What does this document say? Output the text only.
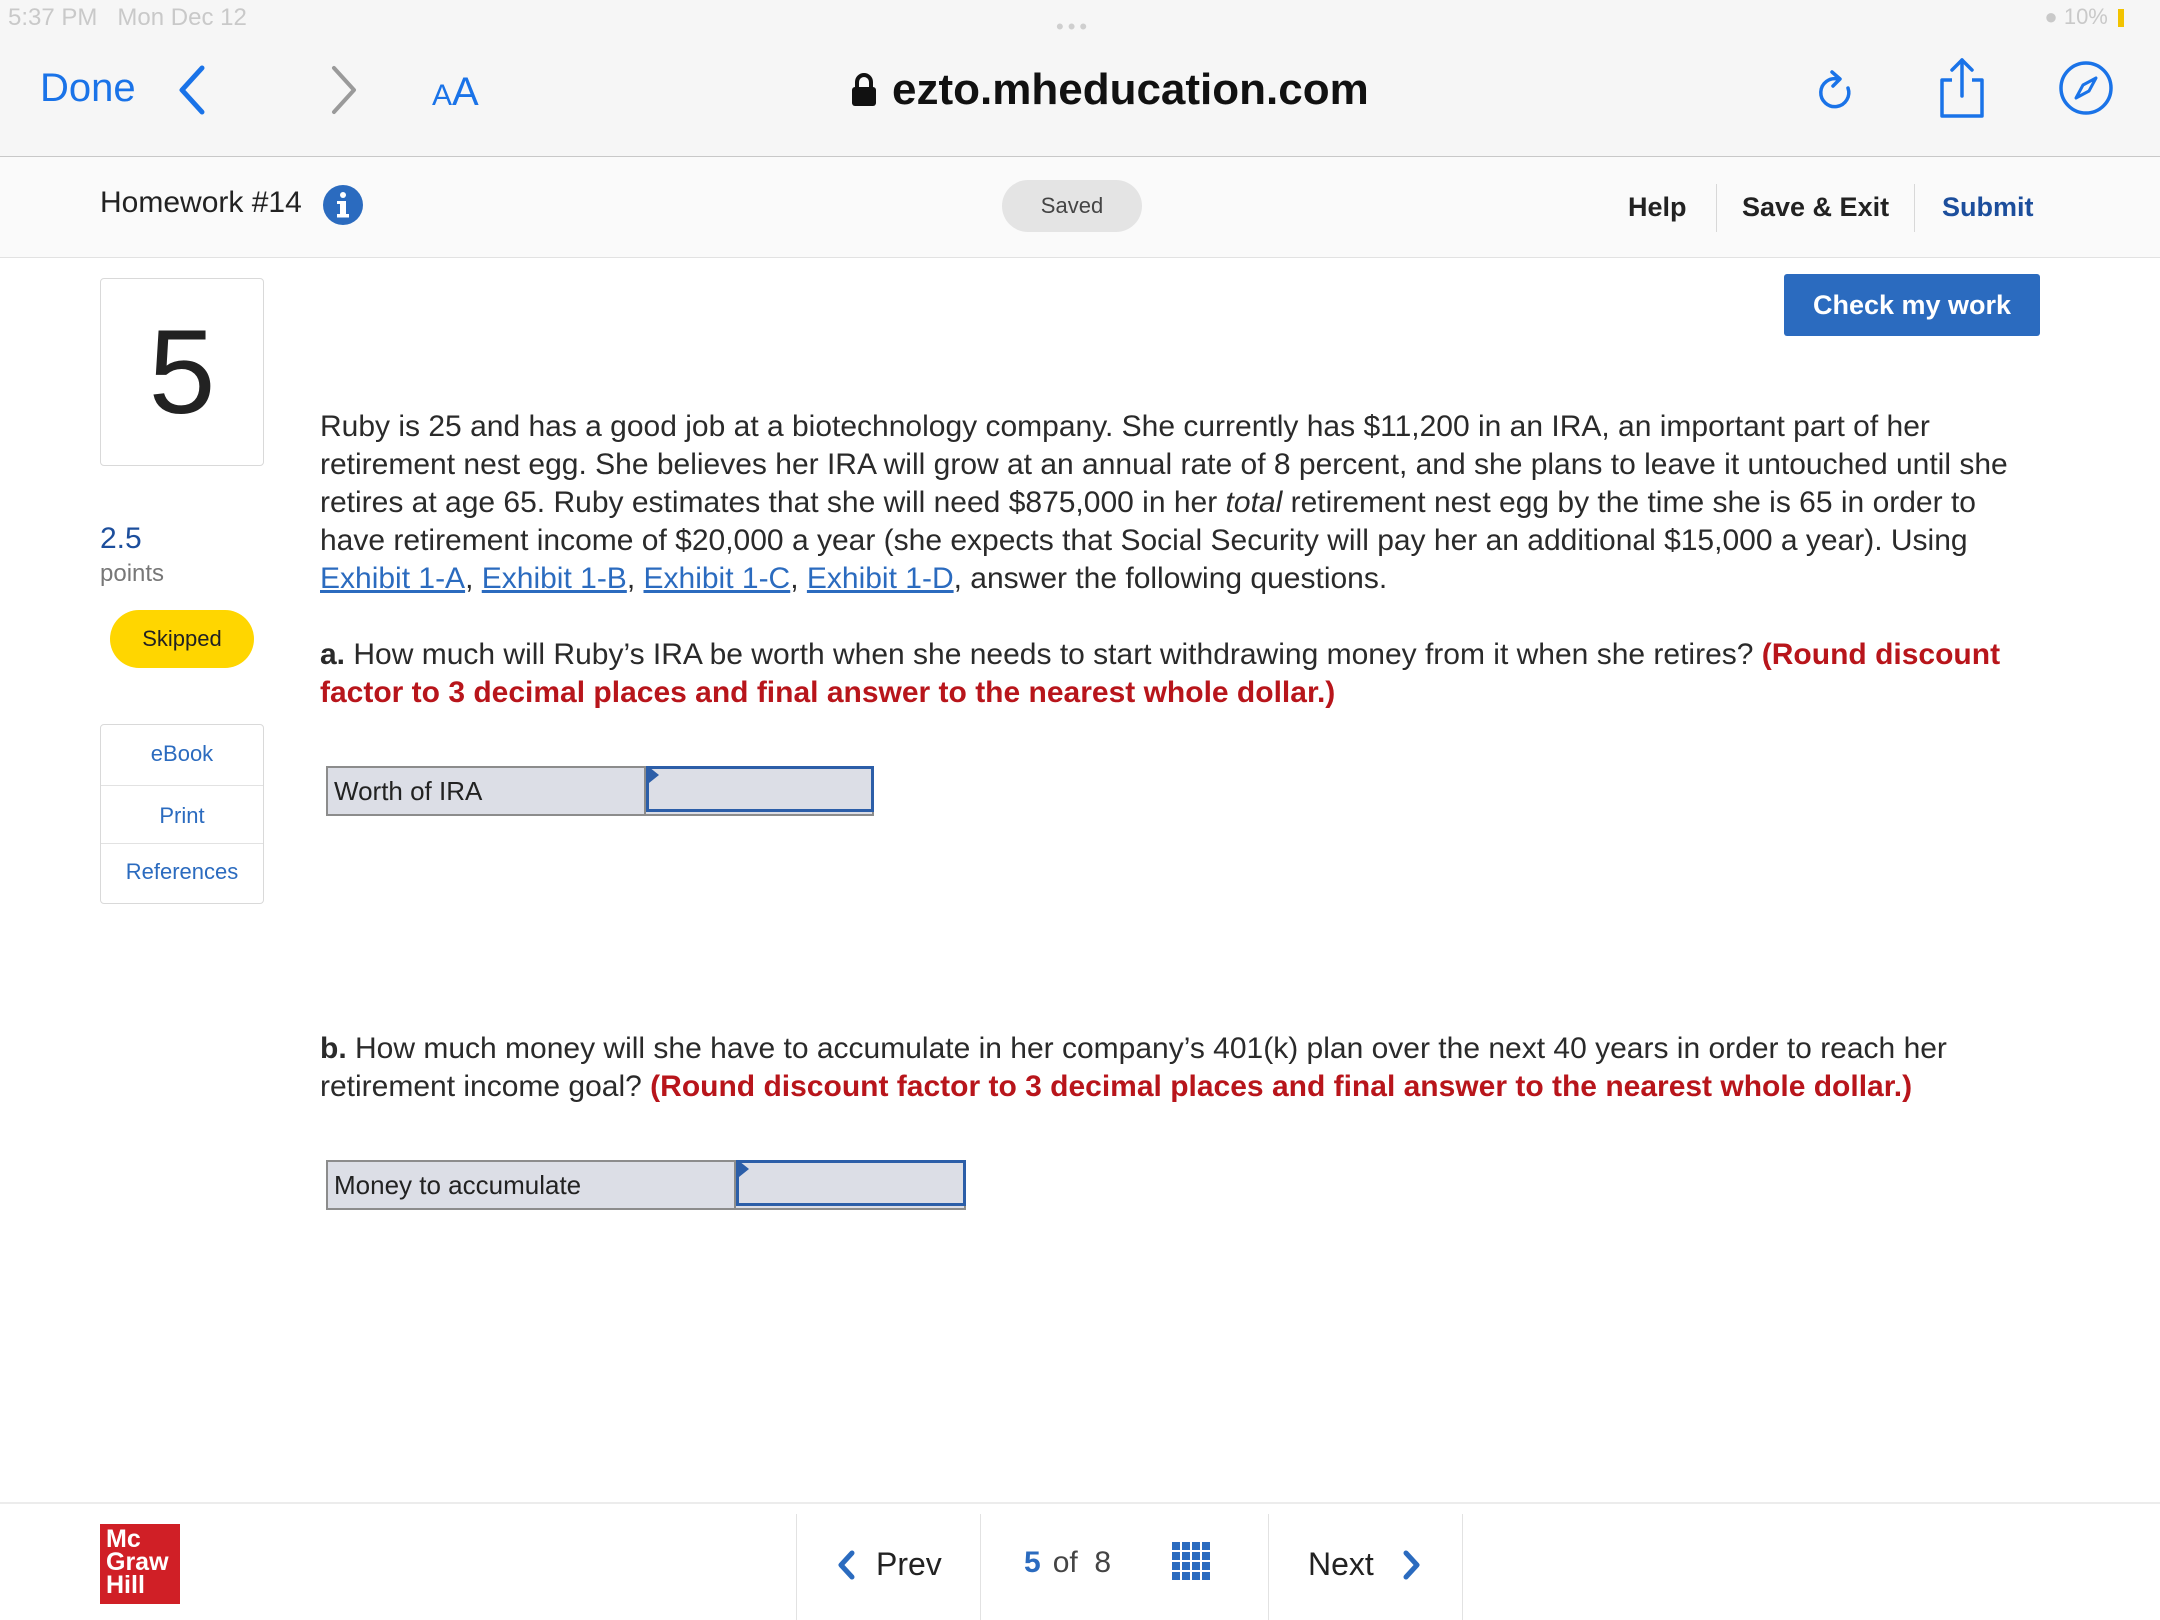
5:37 PM Mon Dec 12	● 10%
•••
Done	AA	ezto.mheducation.com
Homework #14	Saved	Help Save & Exit Submit
Check my work
5
2.5
points
Skipped
eBook
Print
References
Ruby is 25 and has a good job at a biotechnology company. She currently has $11,200 in an IRA, an important part of her retirement nest egg. She believes her IRA will grow at an annual rate of 8 percent, and she plans to leave it untouched until she retires at age 65. Ruby estimates that she will need $875,000 in her total retirement nest egg by the time she is 65 in order to have retirement income of $20,000 a year (she expects that Social Security will pay her an additional $15,000 a year). Using Exhibit 1-A, Exhibit 1-B, Exhibit 1-C, Exhibit 1-D, answer the following questions.
a. How much will Ruby’s IRA be worth when she needs to start withdrawing money from it when she retires? (Round discount factor to 3 decimal places and final answer to the nearest whole dollar.)
Worth of IRA
b. How much money will she have to accumulate in her company’s 401(k) plan over the next 40 years in order to reach her retirement income goal? (Round discount factor to 3 decimal places and final answer to the nearest whole dollar.)
Money to accumulate
Mc
Graw
Hill
Prev	5 of 8	Next
